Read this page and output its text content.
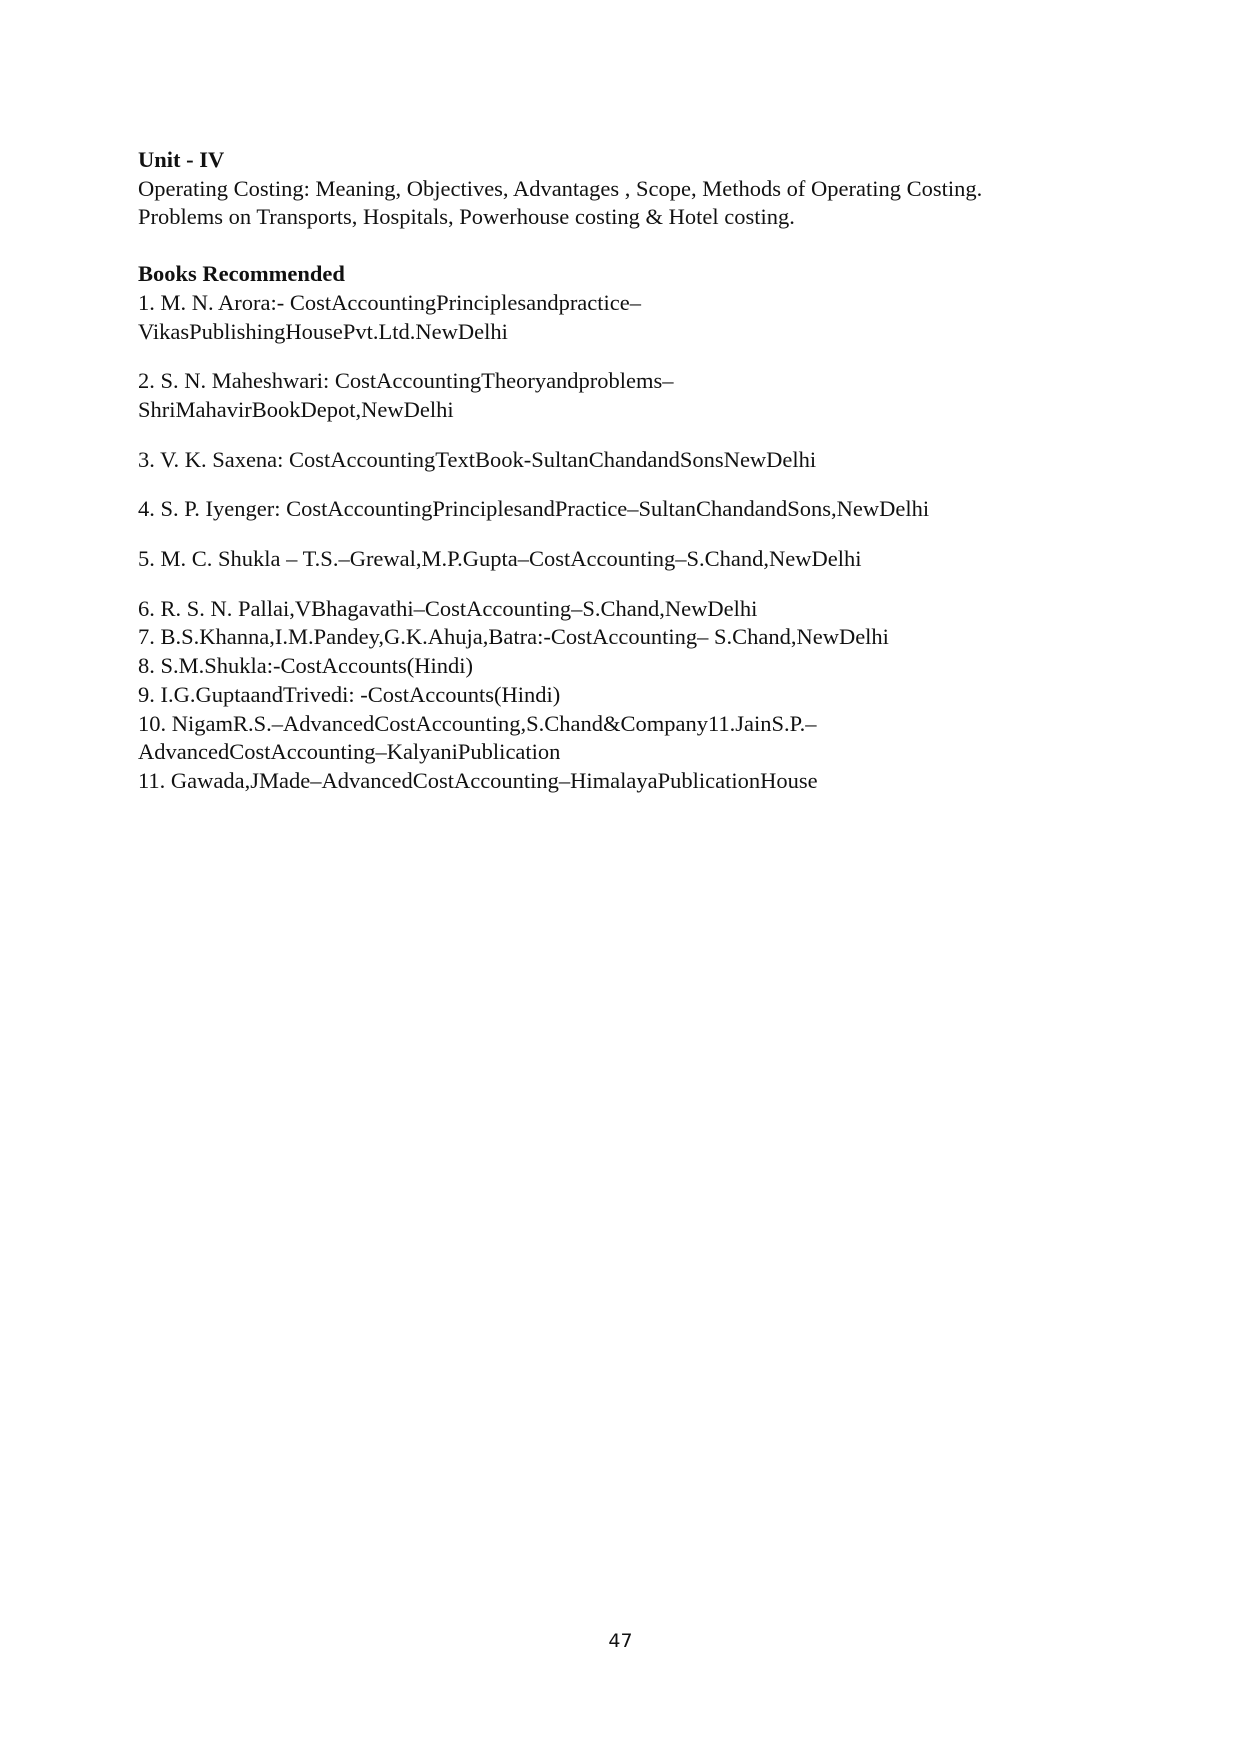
Unit - IV

Operating Costing: Meaning, Objectives, Advantages , Scope, Methods of Operating Costing.

Problems on Transports, Hospitals, Powerhouse costing & Hotel costing.

Books Recommended

1. M. N. Arora:- CostAccountingPrinciplesandpractice–

VikasPublishingHousePvt.Ltd.NewDelhi

2. S. N. Maheshwari: CostAccountingTheoryandproblems–

ShriMahavirBookDepot,NewDelhi

3. V. K. Saxena: CostAccountingTextBook-SultanChandandSonsNewDelhi

4. S. P. Iyenger: CostAccountingPrinciplesandPractice–SultanChandandSons,NewDelhi

5. M. C. Shukla – T.S.–Grewal,M.P.Gupta–CostAccounting–S.Chand,NewDelhi

6. R. S. N. Pallai,VBhagavathi–CostAccounting–S.Chand,NewDelhi

7. B.S.Khanna,I.M.Pandey,G.K.Ahuja,Batra:-CostAccounting– S.Chand,NewDelhi

8. S.M.Shukla:-CostAccounts(Hindi)

9. I.G.GuptaandTrivedi: -CostAccounts(Hindi)

10. NigamR.S.–AdvancedCostAccounting,S.Chand&Company11.JainS.P.–

AdvancedCostAccounting–KalyaniPublication

11. Gawada,JMade–AdvancedCostAccounting–HimalayaPublicationHouse

47
